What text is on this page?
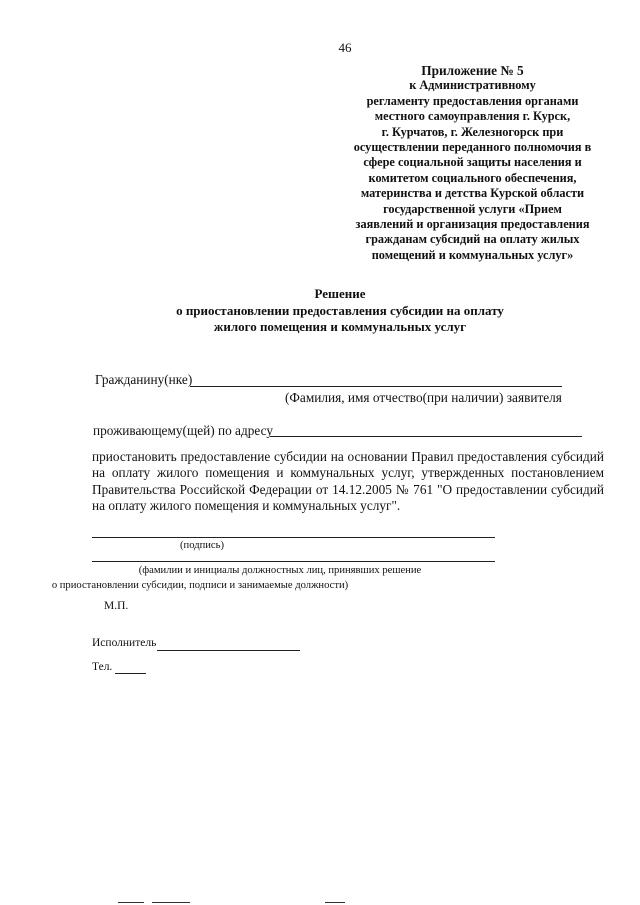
46
Приложение № 5
к Административному
регламенту предоставления органами
местного самоуправления г. Курск,
г. Курчатов, г. Железногорск при
осуществлении переданного полномочия в
сфере социальной защиты населения и
комитетом социального обеспечения,
материнства и детства Курской области
государственной услуги «Прием
заявлений и организация предоставления
гражданам субсидий на оплату жилых
помещений и коммунальных услуг»
Решение
о приостановлении предоставления субсидии на оплату
жилого помещения и коммунальных услуг
Гражданину(нке)
(Фамилия, имя отчество(при наличии) заявителя
проживающему(щей) по адресу
приостановить предоставление субсидии на основании Правил предоставления субсидий
на оплату жилого помещения и коммунальных услуг, утвержденных постановлением
Правительства Российской Федерации от 14.12.2005 № 761 "О предоставлении субсидий
на оплату жилого помещения и коммунальных услуг".
(подпись)
(фамилии и инициалы должностных лиц, принявших решение
о приостановлении субсидии, подписи и занимаемые должности)
М.П.
Исполнитель
Тел.
